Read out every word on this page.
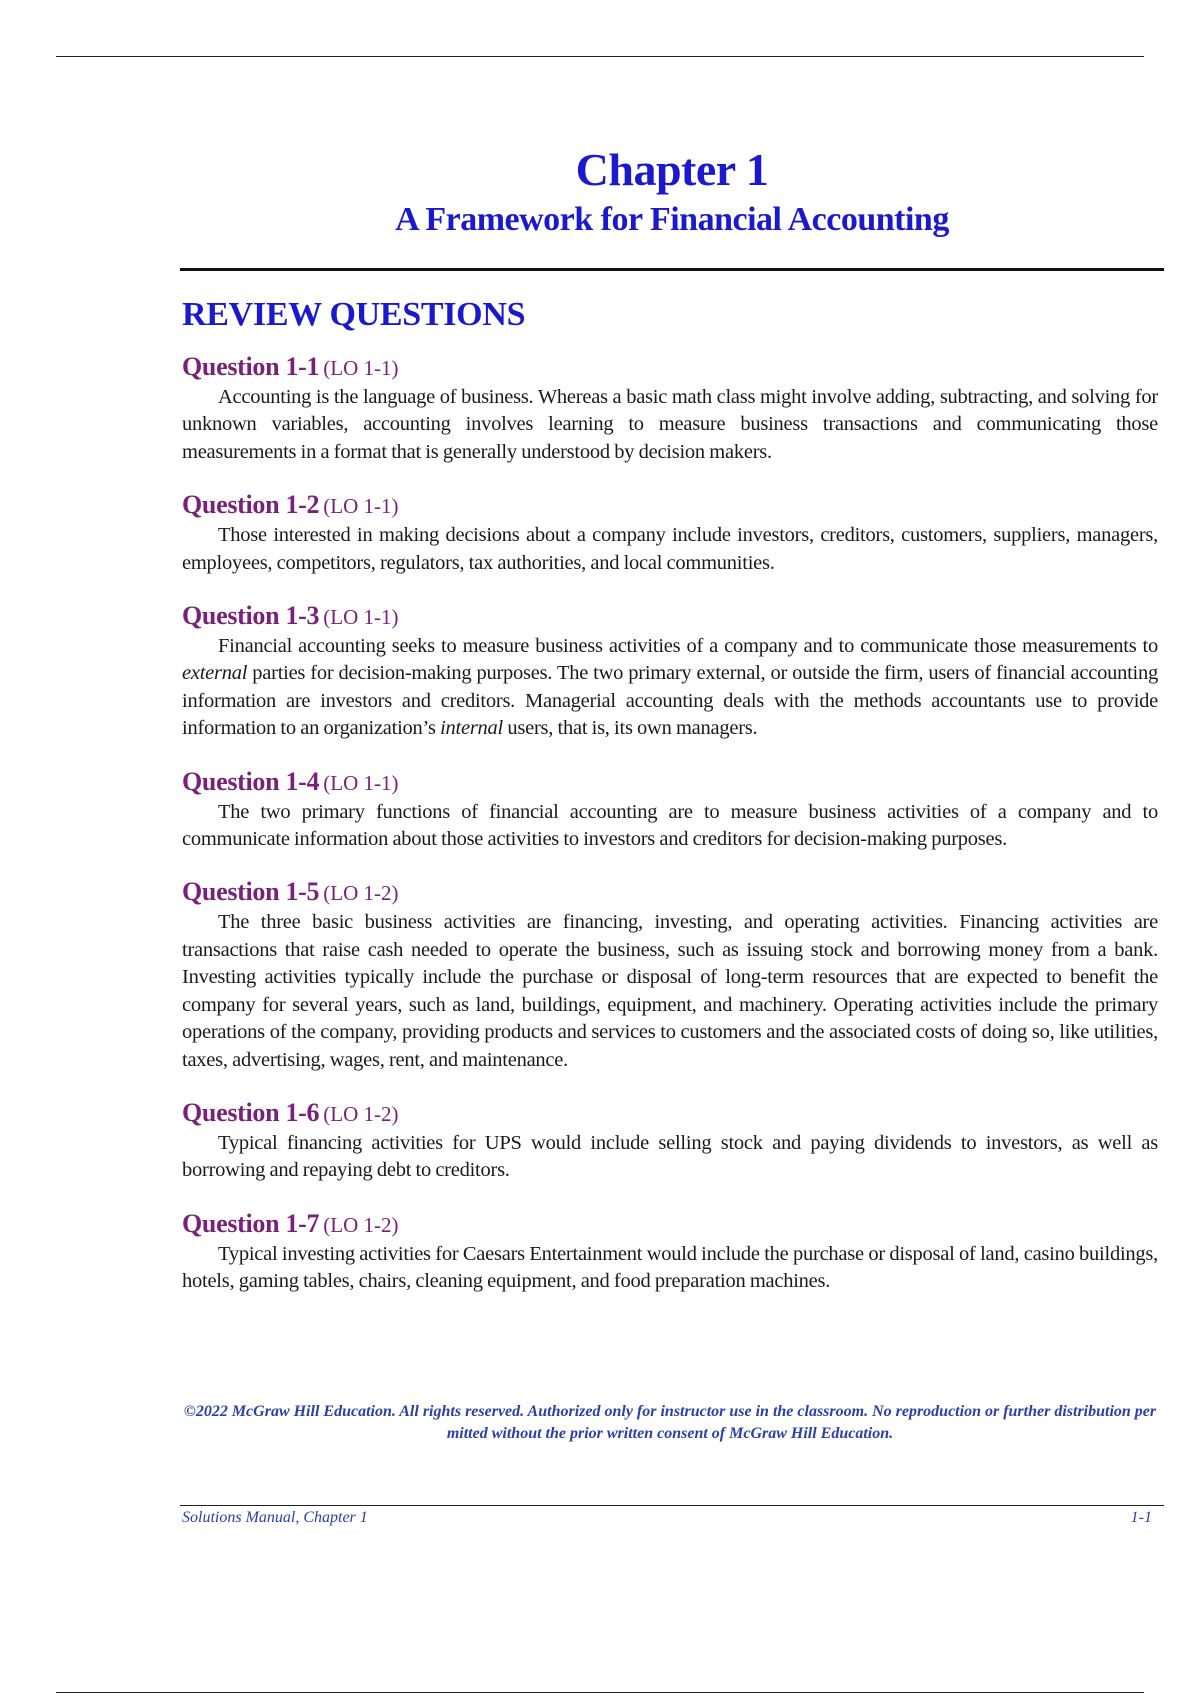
Chapter 1
A Framework for Financial Accounting
REVIEW QUESTIONS
Question 1-1 (LO 1-1)

Accounting is the language of business. Whereas a basic math class might involve adding, subtracting, and solving for unknown variables, accounting involves learning to measure business transactions and communicating those measurements in a format that is generally understood by decision makers.

Question 1-2 (LO 1-1)

Those interested in making decisions about a company include investors, creditors, customers, suppliers, managers, employees, competitors, regulators, tax authorities, and local communities.

Question 1-3 (LO 1-1)

Financial accounting seeks to measure business activities of a company and to communicate those measurements to external parties for decision-making purposes. The two primary external, or outside the firm, users of financial accounting information are investors and creditors. Managerial accounting deals with the methods accountants use to provide information to an organization’s internal users, that is, its own managers.

Question 1-4 (LO 1-1)

The two primary functions of financial accounting are to measure business activities of a company and to communicate information about those activities to investors and creditors for decision-making purposes.

Question 1-5 (LO 1-2)

The three basic business activities are financing, investing, and operating activities. Financing activities are transactions that raise cash needed to operate the business, such as issuing stock and borrowing money from a bank. Investing activities typically include the purchase or disposal of long-term resources that are expected to benefit the company for several years, such as land, buildings, equipment, and machinery. Operating activities include the primary operations of the company, providing products and services to customers and the associated costs of doing so, like utilities, taxes, advertising, wages, rent, and maintenance.

Question 1-6 (LO 1-2)

Typical financing activities for UPS would include selling stock and paying dividends to investors, as well as borrowing and repaying debt to creditors.

Question 1-7 (LO 1-2)

Typical investing activities for Caesars Entertainment would include the purchase or disposal of land, casino buildings, hotels, gaming tables, chairs, cleaning equipment, and food preparation machines.

©2022 McGraw Hill Education. All rights reserved. Authorized only for instructor use in the classroom. No reproduction or further distribution per
mitted without the prior written consent of McGraw Hill Education.

Solutions Manual, Chapter 1	1-1
